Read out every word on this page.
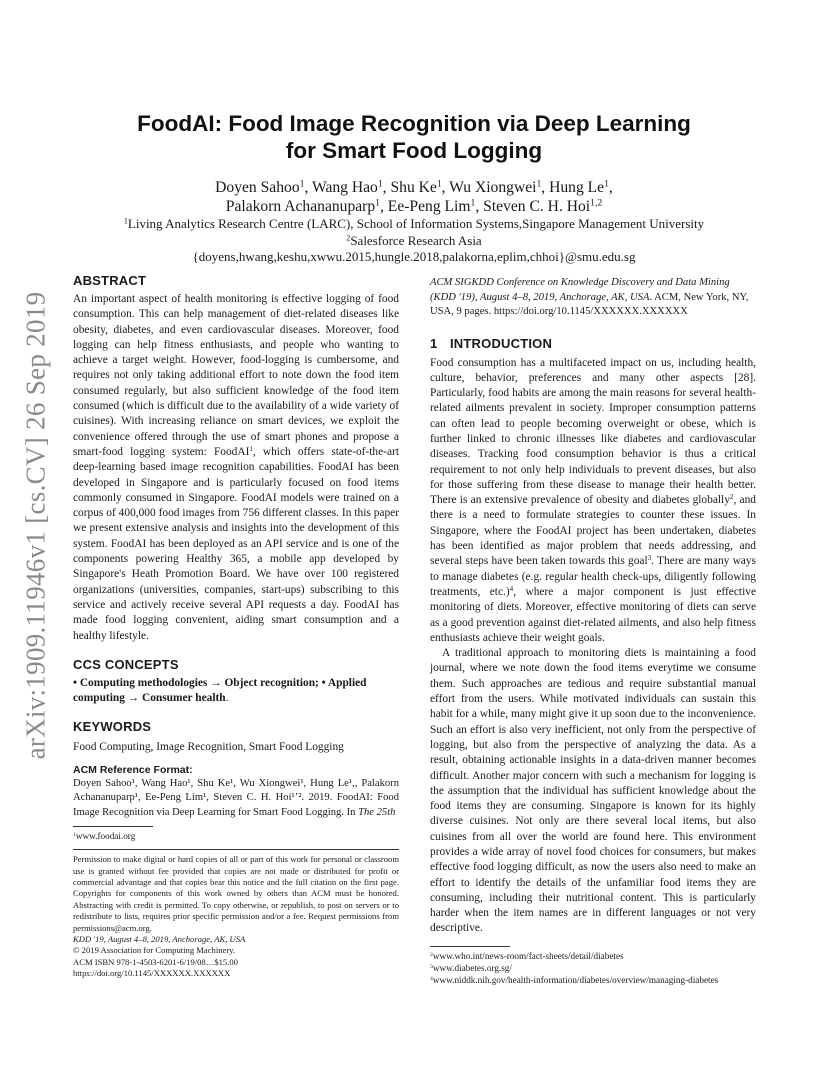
arXiv:1909.11946v1 [cs.CV] 26 Sep 2019
FoodAI: Food Image Recognition via Deep Learning
for Smart Food Logging
Doyen Sahoo$^1$, Wang Hao$^1$, Shu Ke$^1$, Wu Xiongwei$^1$, Hung Le$^1$,
Palakorn Achananuparp$^1$, Ee-Peng Lim$^1$, Steven C. H. Hoi$^{1,2}$
$^1$Living Analytics Research Centre (LARC), School of Information Systems,Singapore Management University
$^2$Salesforce Research Asia
{doyens,hwang,keshu,xwwu.2015,hungle.2018,palakorna,eplim,chhoi}@smu.edu.sg
ABSTRACT

An important aspect of health monitoring is effective logging of food consumption. This can help management of diet-related diseases like obesity, diabetes, and even cardiovascular diseases. Moreover, food logging can help fitness enthusiasts, and people who wanting to achieve a target weight. However, food-logging is cumbersome, and requires not only taking additional effort to note down the food item consumed regularly, but also sufficient knowledge of the food item consumed (which is difficult due to the availability of a wide variety of cuisines). With increasing reliance on smart devices, we exploit the convenience offered through the use of smart phones and propose a smart-food logging system: FoodAI$^1$, which offers state-of-the-art deep-learning based image recognition capabilities. FoodAI has been developed in Singapore and is particularly focused on food items commonly consumed in Singapore. FoodAI models were trained on a corpus of 400,000 food images from 756 different classes. In this paper we present extensive analysis and insights into the development of this system. FoodAI has been deployed as an API service and is one of the components powering Healthy 365, a mobile app developed by Singapore's Heath Promotion Board. We have over 100 registered organizations (universities, companies, start-ups) subscribing to this service and actively receive several API requests a day. FoodAI has made food logging convenient, aiding smart consumption and a healthy lifestyle.

CCS CONCEPTS

• Computing methodologies → Object recognition; • Applied
computing → Consumer health.

KEYWORDS

Food Computing, Image Recognition, Smart Food Logging

ACM Reference Format:

Doyen Sahoo¹, Wang Hao¹, Shu Ke¹, Wu Xiongwei¹, Hung Le¹,, Palakorn Achananuparp¹, Ee-Peng Lim¹, Steven C. H. Hoi¹ʼ². 2019. FoodAI: Food Image Recognition via Deep Learning for Smart Food Logging. In The 25th

$^1$www.foodai.org

Permission to make digital or hard copies of all or part of this work for personal or classroom use is granted without fee provided that copies are not made or distributed for profit or commercial advantage and that copies bear this notice and the full citation on the first page. Copyrights for components of this work owned by others than ACM must be honored. Abstracting with credit is permitted. To copy otherwise, or republish, to post on servers or to redistribute to lists, requires prior specific permission and/or a fee. Request permissions from permissions@acm.org.

KDD '19, August 4–8, 2019, Anchorage, AK, USA

© 2019 Association for Computing Machinery.

ACM ISBN 978-1-4503-6201-6/19/08…$15.00

https://doi.org/10.1145/XXXXXX.XXXXXX

ACM SIGKDD Conference on Knowledge Discovery and Data Mining (KDD '19), August 4–8, 2019, Anchorage, AK, USA. ACM, New York, NY, USA, 9 pages. https://doi.org/10.1145/XXXXXX.XXXXXX

1 INTRODUCTION

Food consumption has a multifaceted impact on us, including health, culture, behavior, preferences and many other aspects [28]. Particularly, food habits are among the main reasons for several health-related ailments prevalent in society. Improper consumption patterns can often lead to people becoming overweight or obese, which is further linked to chronic illnesses like diabetes and cardiovascular diseases. Tracking food consumption behavior is thus a critical requirement to not only help individuals to prevent diseases, but also for those suffering from these disease to manage their health better. There is an extensive prevalence of obesity and diabetes globally$^2$, and there is a need to formulate strategies to counter these issues. In Singapore, where the FoodAI project has been undertaken, diabetes has been identified as major problem that needs addressing, and several steps have been taken towards this goal$^3$. There are many ways to manage diabetes (e.g. regular health check-ups, diligently following treatments, etc.)$^4$, where a major component is just effective monitoring of diets. Moreover, effective monitoring of diets can serve as a good prevention against diet-related ailments, and also help fitness enthusiasts achieve their weight goals.

A traditional approach to monitoring diets is maintaining a food journal, where we note down the food items everytime we consume them. Such approaches are tedious and require substantial manual effort from the users. While motivated individuals can sustain this habit for a while, many might give it up soon due to the inconvenience. Such an effort is also very inefficient, not only from the perspective of logging, but also from the perspective of analyzing the data. As a result, obtaining actionable insights in a data-driven manner becomes difficult. Another major concern with such a mechanism for logging is the assumption that the individual has sufficient knowledge about the food items they are consuming. Singapore is known for its highly diverse cuisines. Not only are there several local items, but also cuisines from all over the world are found here. This environment provides a wide array of novel food choices for consumers, but makes effective food logging difficult, as now the users also need to make an effort to identify the details of the unfamiliar food items they are consuming, including their nutritional content. This is particularly harder when the item names are in different languages or not very descriptive.

$^2$www.who.int/news-room/fact-sheets/detail/diabetes

$^3$www.diabetes.org.sg/

$^4$www.niddk.nih.gov/health-information/diabetes/overview/managing-diabetes
